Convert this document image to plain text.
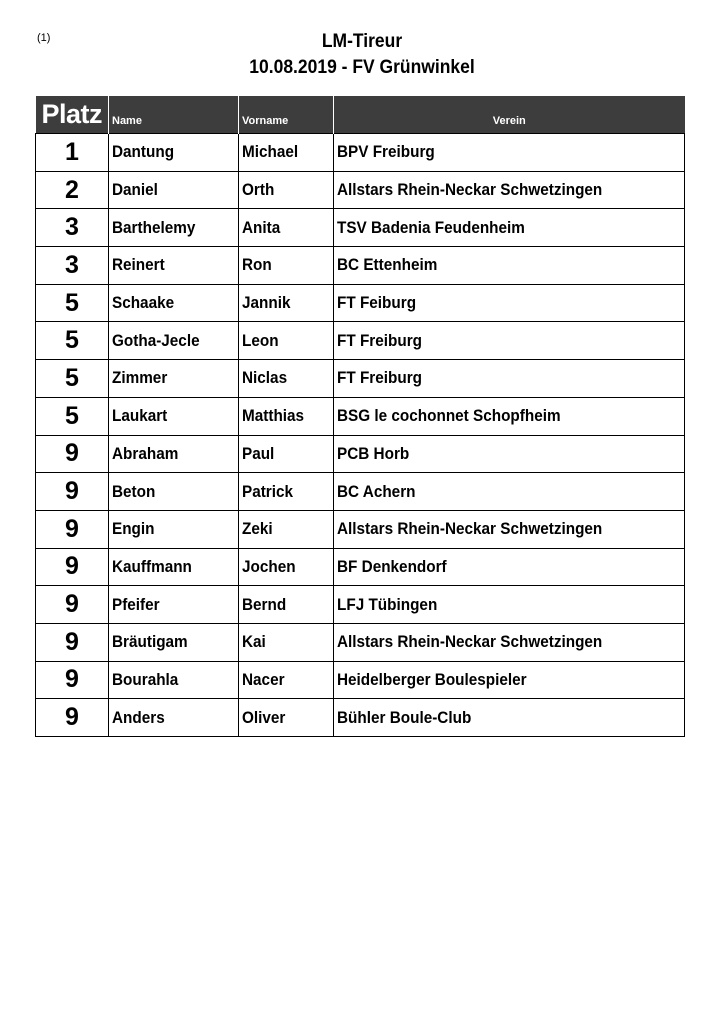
(1)	LM-Tireur
10.08.2019 - FV Grünwinkel
Platz	Name	Vorname	Verein

1	Dantung	Michael	BPV Freiburg
2	Daniel	Orth	Allstars Rhein-Neckar Schwetzingen
3	Barthelemy	Anita	TSV Badenia Feudenheim
3	Reinert	Ron	BC Ettenheim
5	Schaake	Jannik	FT Feiburg
5	Gotha-Jecle	Leon	FT Freiburg
5	Zimmer	Niclas	FT Freiburg
5	Laukart	Matthias	BSG le cochonnet Schopfheim
9	Abraham	Paul	PCB Horb
9	Beton	Patrick	BC Achern
9	Engin	Zeki	Allstars Rhein-Neckar Schwetzingen
9	Kauffmann	Jochen	BF Denkendorf
9	Pfeifer	Bernd	LFJ Tübingen
9	Bräutigam	Kai	Allstars Rhein-Neckar Schwetzingen
9	Bourahla	Nacer	Heidelberger Boulespieler
9	Anders	Oliver	Bühler Boule-Club
